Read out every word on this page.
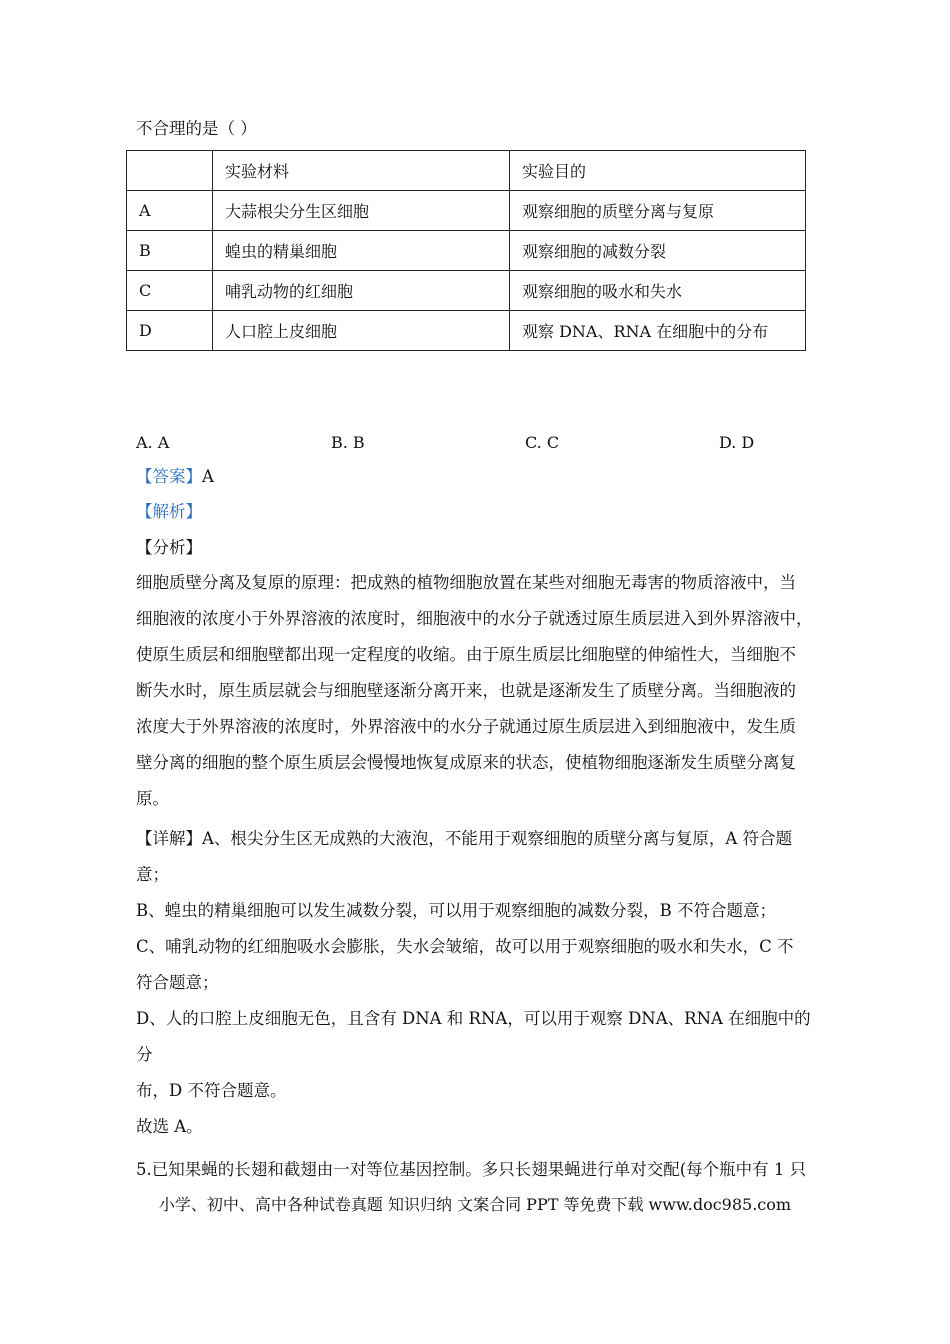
不合理的是（ ）
	实验材料	实验目的
A	大蒜根尖分生区细胞	观察细胞的质壁分离与复原
B	蝗虫的精巢细胞	观察细胞的减数分裂
C	哺乳动物的红细胞	观察细胞的吸水和失水
D	人口腔上皮细胞	观察 DNA、RNA 在细胞中的分布
A. A	B. B	C. C	D. D
【答案】A
【解析】
【分析】
细胞质壁分离及复原的原理：把成熟的植物细胞放置在某些对细胞无毒害的物质溶液中，当
细胞液的浓度小于外界溶液的浓度时，细胞液中的水分子就透过原生质层进入到外界溶液中，
使原生质层和细胞壁都出现一定程度的收缩。由于原生质层比细胞壁的伸缩性大，当细胞不
断失水时，原生质层就会与细胞壁逐渐分离开来，也就是逐渐发生了质壁分离。当细胞液的
浓度大于外界溶液的浓度时，外界溶液中的水分子就通过原生质层进入到细胞液中，发生质
壁分离的细胞的整个原生质层会慢慢地恢复成原来的状态，使植物细胞逐渐发生质壁分离复
原。
【详解】A、根尖分生区无成熟的大液泡，不能用于观察细胞的质壁分离与复原，A 符合题
意；
B、蝗虫的精巢细胞可以发生减数分裂，可以用于观察细胞的减数分裂，B 不符合题意；
C、哺乳动物的红细胞吸水会膨胀，失水会皱缩，故可以用于观察细胞的吸水和失水，C 不
符合题意；
D、人的口腔上皮细胞无色，且含有 DNA 和 RNA，可以用于观察 DNA、RNA 在细胞中的分
布，D 不符合题意。
故选 A。
5.已知果蝇的长翅和截翅由一对等位基因控制。多只长翅果蝇进行单对交配(每个瓶中有 1 只
小学、初中、高中各种试卷真题 知识归纳 文案合同 PPT 等免费下载 www.doc985.com
